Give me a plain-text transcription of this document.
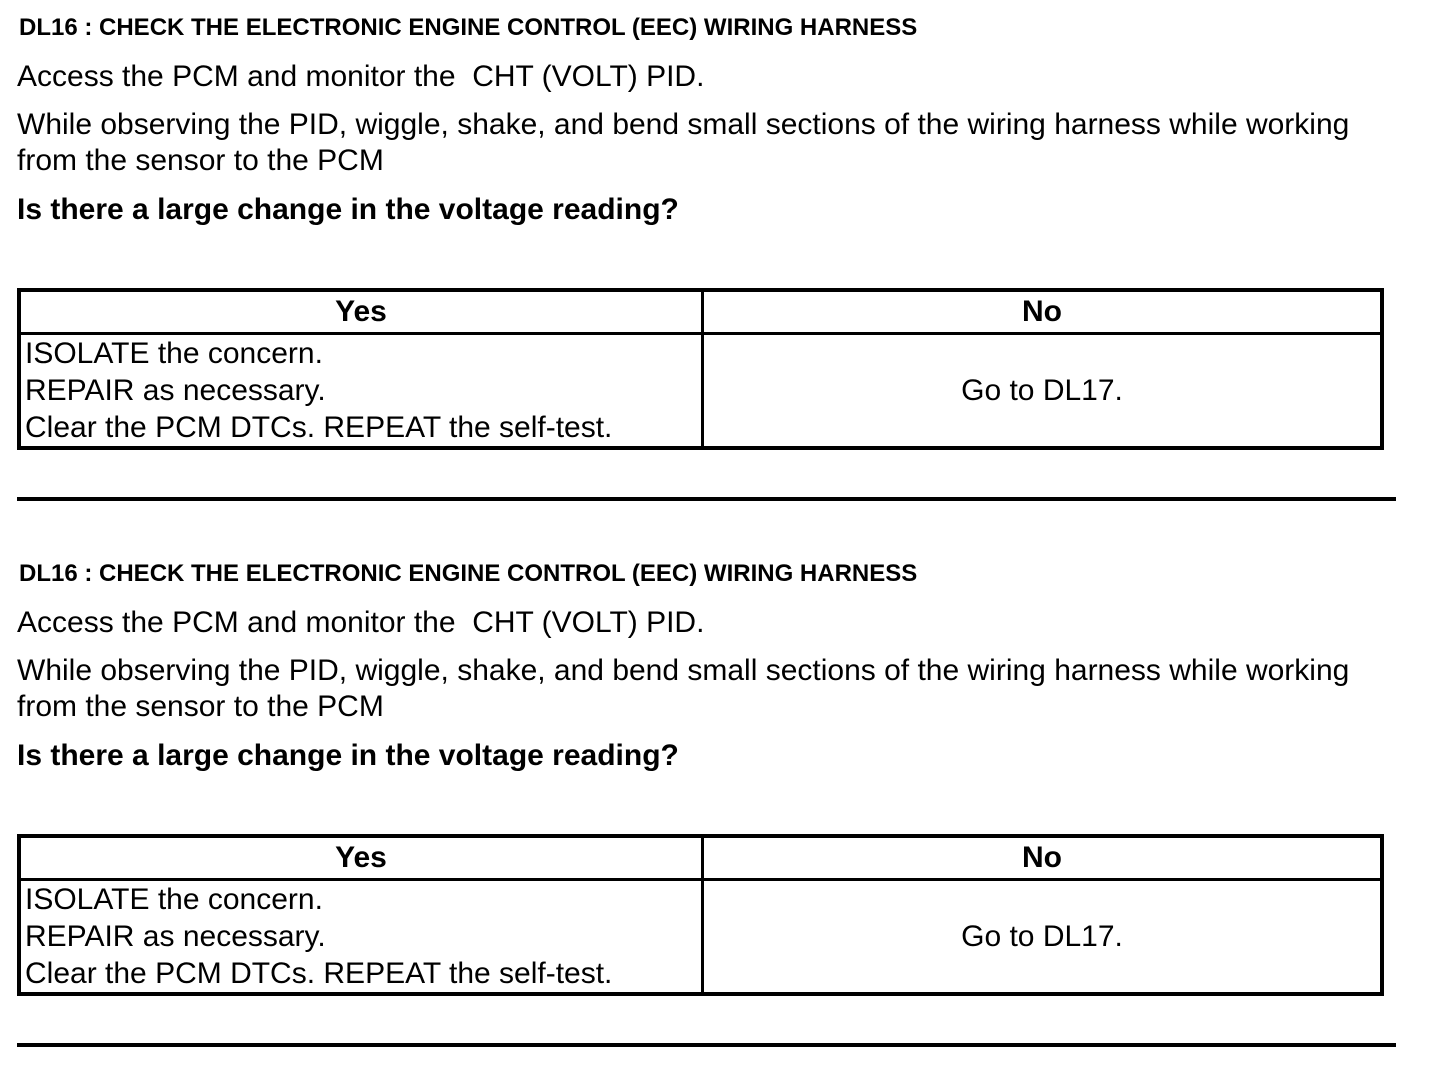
DL16 : CHECK THE ELECTRONIC ENGINE CONTROL (EEC) WIRING HARNESS
Access the PCM and monitor the  CHT (VOLT) PID.
While observing the PID, wiggle, shake, and bend small sections of the wiring harness while working from the sensor to the PCM
Is there a large change in the voltage reading?
Yes	No

ISOLATE the concern.
REPAIR as necessary.
Clear the PCM DTCs. REPEAT the self-test.	Go to DL17.
DL16 : CHECK THE ELECTRONIC ENGINE CONTROL (EEC) WIRING HARNESS
Access the PCM and monitor the  CHT (VOLT) PID.
While observing the PID, wiggle, shake, and bend small sections of the wiring harness while working from the sensor to the PCM
Is there a large change in the voltage reading?
Yes	No

ISOLATE the concern.
REPAIR as necessary.
Clear the PCM DTCs. REPEAT the self-test.	Go to DL17.
